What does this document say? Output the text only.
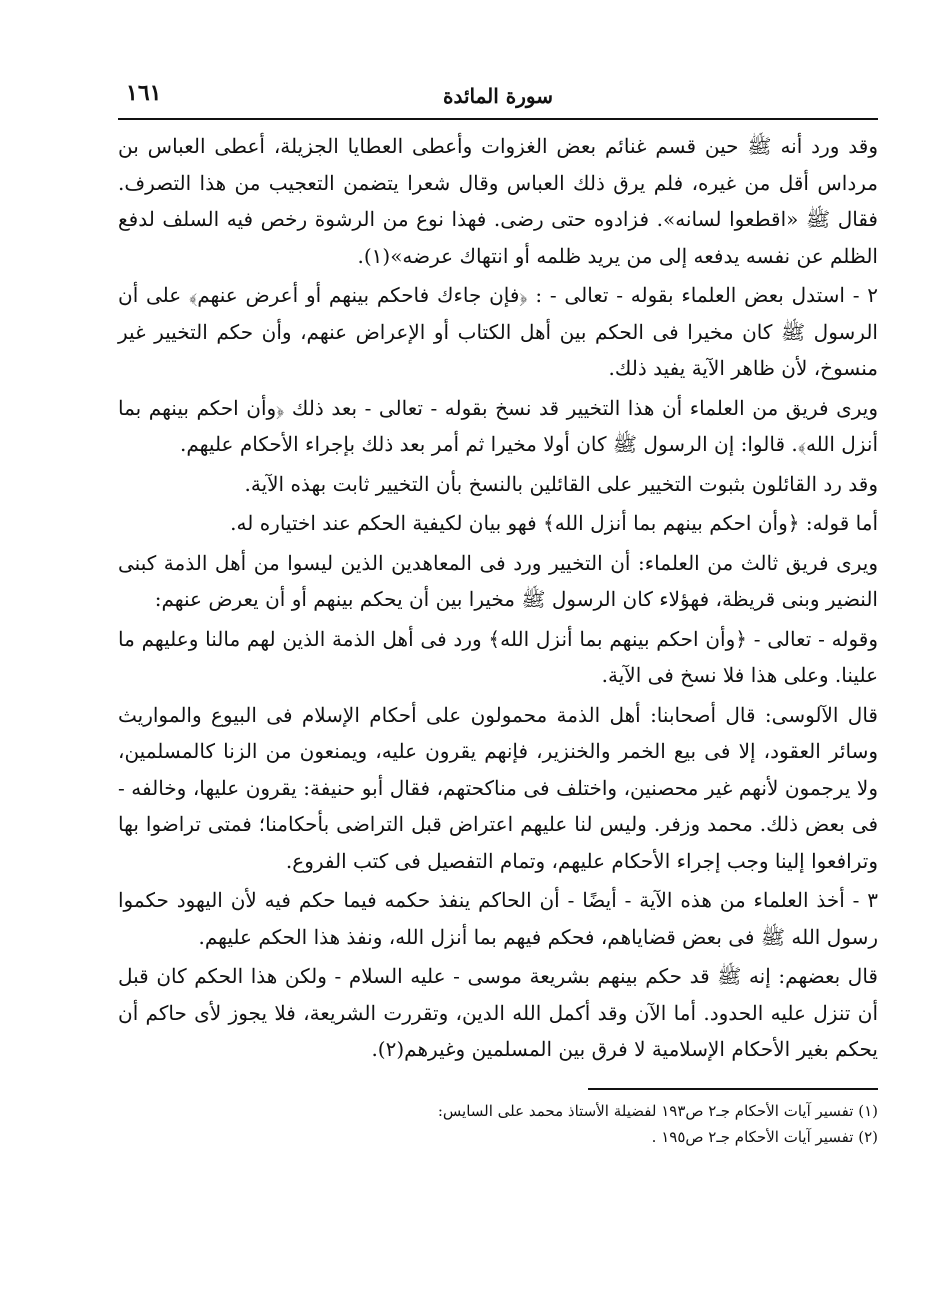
١٦١	سورة المائدة

وقد ورد أنه ﷺ حين قسم غنائم بعض الغزوات وأعطى العطايا الجزيلة، أعطى العباس بن مرداس أقل من غيره، فلم يرق ذلك العباس وقال شعرا يتضمن التعجيب من هذا التصرف. فقال ﷺ «اقطعوا لسانه». فزادوه حتى رضى. فهذا نوع من الرشوة رخص فيه السلف لدفع الظلم عن نفسه يدفعه إلى من يريد ظلمه أو انتهاك عرضه»(١).

٢ - استدل بعض العلماء بقوله - تعالى - : ﴿فإن جاءك فاحكم بينهم أو أعرض عنهم﴾ على أن الرسول ﷺ كان مخيرا فى الحكم بين أهل الكتاب أو الإعراض عنهم، وأن حكم التخيير غير منسوخ، لأن ظاهر الآية يفيد ذلك.

ويرى فريق من العلماء أن هذا التخيير قد نسخ بقوله - تعالى - بعد ذلك ﴿وأن احكم بينهم بما أنزل الله﴾. قالوا: إن الرسول ﷺ كان أولا مخيرا ثم أمر بعد ذلك بإجراء الأحكام عليهم.

وقد رد القائلون بثبوت التخيير على القائلين بالنسخ بأن التخيير ثابت بهذه الآية.

أما قوله: ﴿وأن احكم بينهم بما أنزل الله﴾ فهو بيان لكيفية الحكم عند اختياره له.

ويرى فريق ثالث من العلماء: أن التخيير ورد فى المعاهدين الذين ليسوا من أهل الذمة كبنى النضير وبنى قريظة، فهؤلاء كان الرسول ﷺ مخيرا بين أن يحكم بينهم أو أن يعرض عنهم:

وقوله - تعالى - ﴿وأن احكم بينهم بما أنزل الله﴾ ورد فى أهل الذمة الذين لهم مالنا وعليهم ما علينا. وعلى هذا فلا نسخ فى الآية.

قال الآلوسى: قال أصحابنا: أهل الذمة محمولون على أحكام الإسلام فى البيوع والمواريث وسائر العقود، إلا فى بيع الخمر والخنزير، فإنهم يقرون عليه، ويمنعون من الزنا كالمسلمين، ولا يرجمون لأنهم غير محصنين، واختلف فى مناكحتهم، فقال أبو حنيفة: يقرون عليها، وخالفه - فى بعض ذلك. محمد وزفر. وليس لنا عليهم اعتراض قبل التراضى بأحكامنا؛ فمتى تراضوا بها وترافعوا إلينا وجب إجراء الأحكام عليهم، وتمام التفصيل فى كتب الفروع.

٣ - أخذ العلماء من هذه الآية - أيضًا - أن الحاكم ينفذ حكمه فيما حكم فيه لأن اليهود حكموا رسول الله ﷺ فى بعض قضاياهم، فحكم فيهم بما أنزل الله، ونفذ هذا الحكم عليهم.

قال بعضهم: إنه ﷺ قد حكم بينهم بشريعة موسى - عليه السلام - ولكن هذا الحكم كان قبل أن تنزل عليه الحدود. أما الآن وقد أكمل الله الدين، وتقررت الشريعة، فلا يجوز لأى حاكم أن يحكم بغير الأحكام الإسلامية لا فرق بين المسلمين وغيرهم(٢).

(١) تفسير آيات الأحكام جـ٢ ص١٩٣ لفضيلة الأستاذ محمد على السايس:

(٢) تفسير آيات الأحكام جـ٢ ص١٩٥ .
